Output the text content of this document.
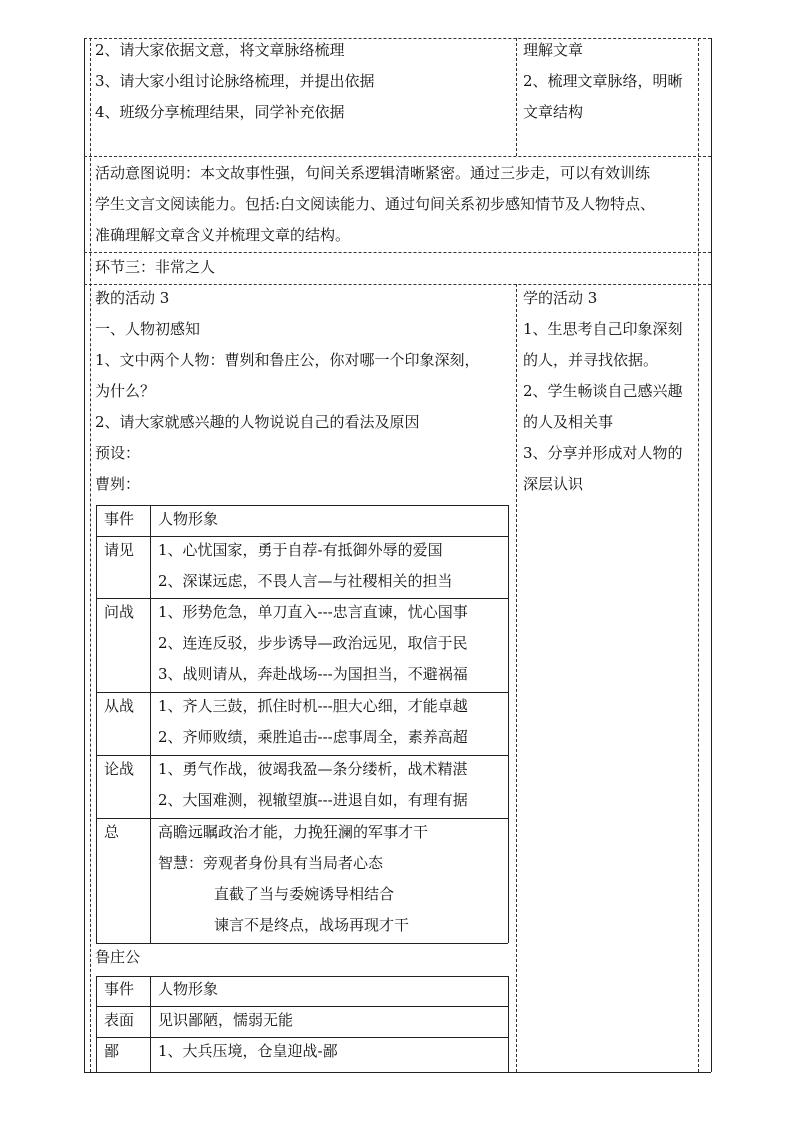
2、请大家依据文意，将文章脉络梳理
3、请大家小组讨论脉络梳理，并提出依据
4、班级分享梳理结果，同学补充依据
理解文章
2、梳理文章脉络，明晰
文章结构
活动意图说明：本文故事性强，句间关系逻辑清晰紧密。通过三步走，可以有效训练
学生文言文阅读能力。包括:白文阅读能力、通过句间关系初步感知情节及人物特点、
准确理解文章含义并梳理文章的结构。
环节三：非常之人
教的活动 3
一、人物初感知
1、文中两个人物：曹刿和鲁庄公，你对哪一个印象深刻，
为什么？
2、请大家就感兴趣的人物说说自己的看法及原因
预设：
曹刿：
事件 人物形象
请见 1、心忧国家，勇于自荐-有抵御外辱的爱国
2、深谋远虑，不畏人言—与社稷相关的担当
问战 1、形势危急，单刀直入---忠言直谏，忧心国事
2、连连反驳，步步诱导—政治远见，取信于民
3、战则请从，奔赴战场---为国担当，不避祸福
从战 1、齐人三鼓，抓住时机---胆大心细，才能卓越
2、齐师败绩，乘胜追击---虑事周全，素养高超
论战 1、勇气作战，彼竭我盈—条分缕析，战术精湛
2、大国难测，视辙望旗---进退自如，有理有据
总	高瞻远瞩政治才能，力挽狂澜的军事才干
智慧：旁观者身份具有当局者心态
直截了当与委婉诱导相结合
谏言不是终点，战场再现才干
鲁庄公
事件 人物形象
表面 见识鄙陋，懦弱无能
鄙	1、大兵压境，仓皇迎战-鄙
学的活动 3
1、生思考自己印象深刻
的人，并寻找依据。
2、学生畅谈自己感兴趣
的人及相关事
3、分享并形成对人物的
深层认识
